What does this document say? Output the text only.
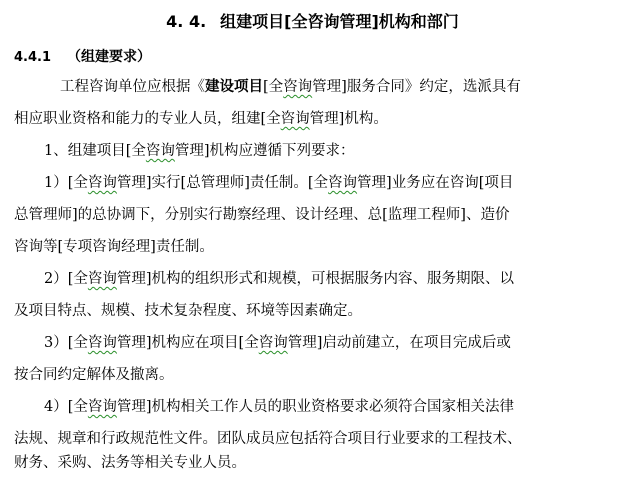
4. 4. 组建项目[全咨询管理]机构和部门
4.4.1 （组建要求）
工程咨询单位应根据《建设项目[全咨询管理]服务合同》约定，选派具有
相应职业资格和能力的专业人员，组建[全咨询管理]机构。
1、组建项目[全咨询管理]机构应遵循下列要求：
1）[全咨询管理]实行[总管理师]责任制。[全咨询管理]业务应在咨询[项目
总管理师]的总协调下，分别实行勘察经理、设计经理、总[监理工程师]、造价
咨询等[专项咨询经理]责任制。
2）[全咨询管理]机构的组织形式和规模，可根据服务内容、服务期限、以
及项目特点、规模、技术复杂程度、环境等因素确定。
3）[全咨询管理]机构应在项目[全咨询管理]启动前建立，在项目完成后或
按合同约定解体及撤离。
4）[全咨询管理]机构相关工作人员的职业资格要求必须符合国家相关法律
法规、规章和行政规范性文件。团队成员应包括符合项目行业要求的工程技术、
财务、采购、法务等相关专业人员。
